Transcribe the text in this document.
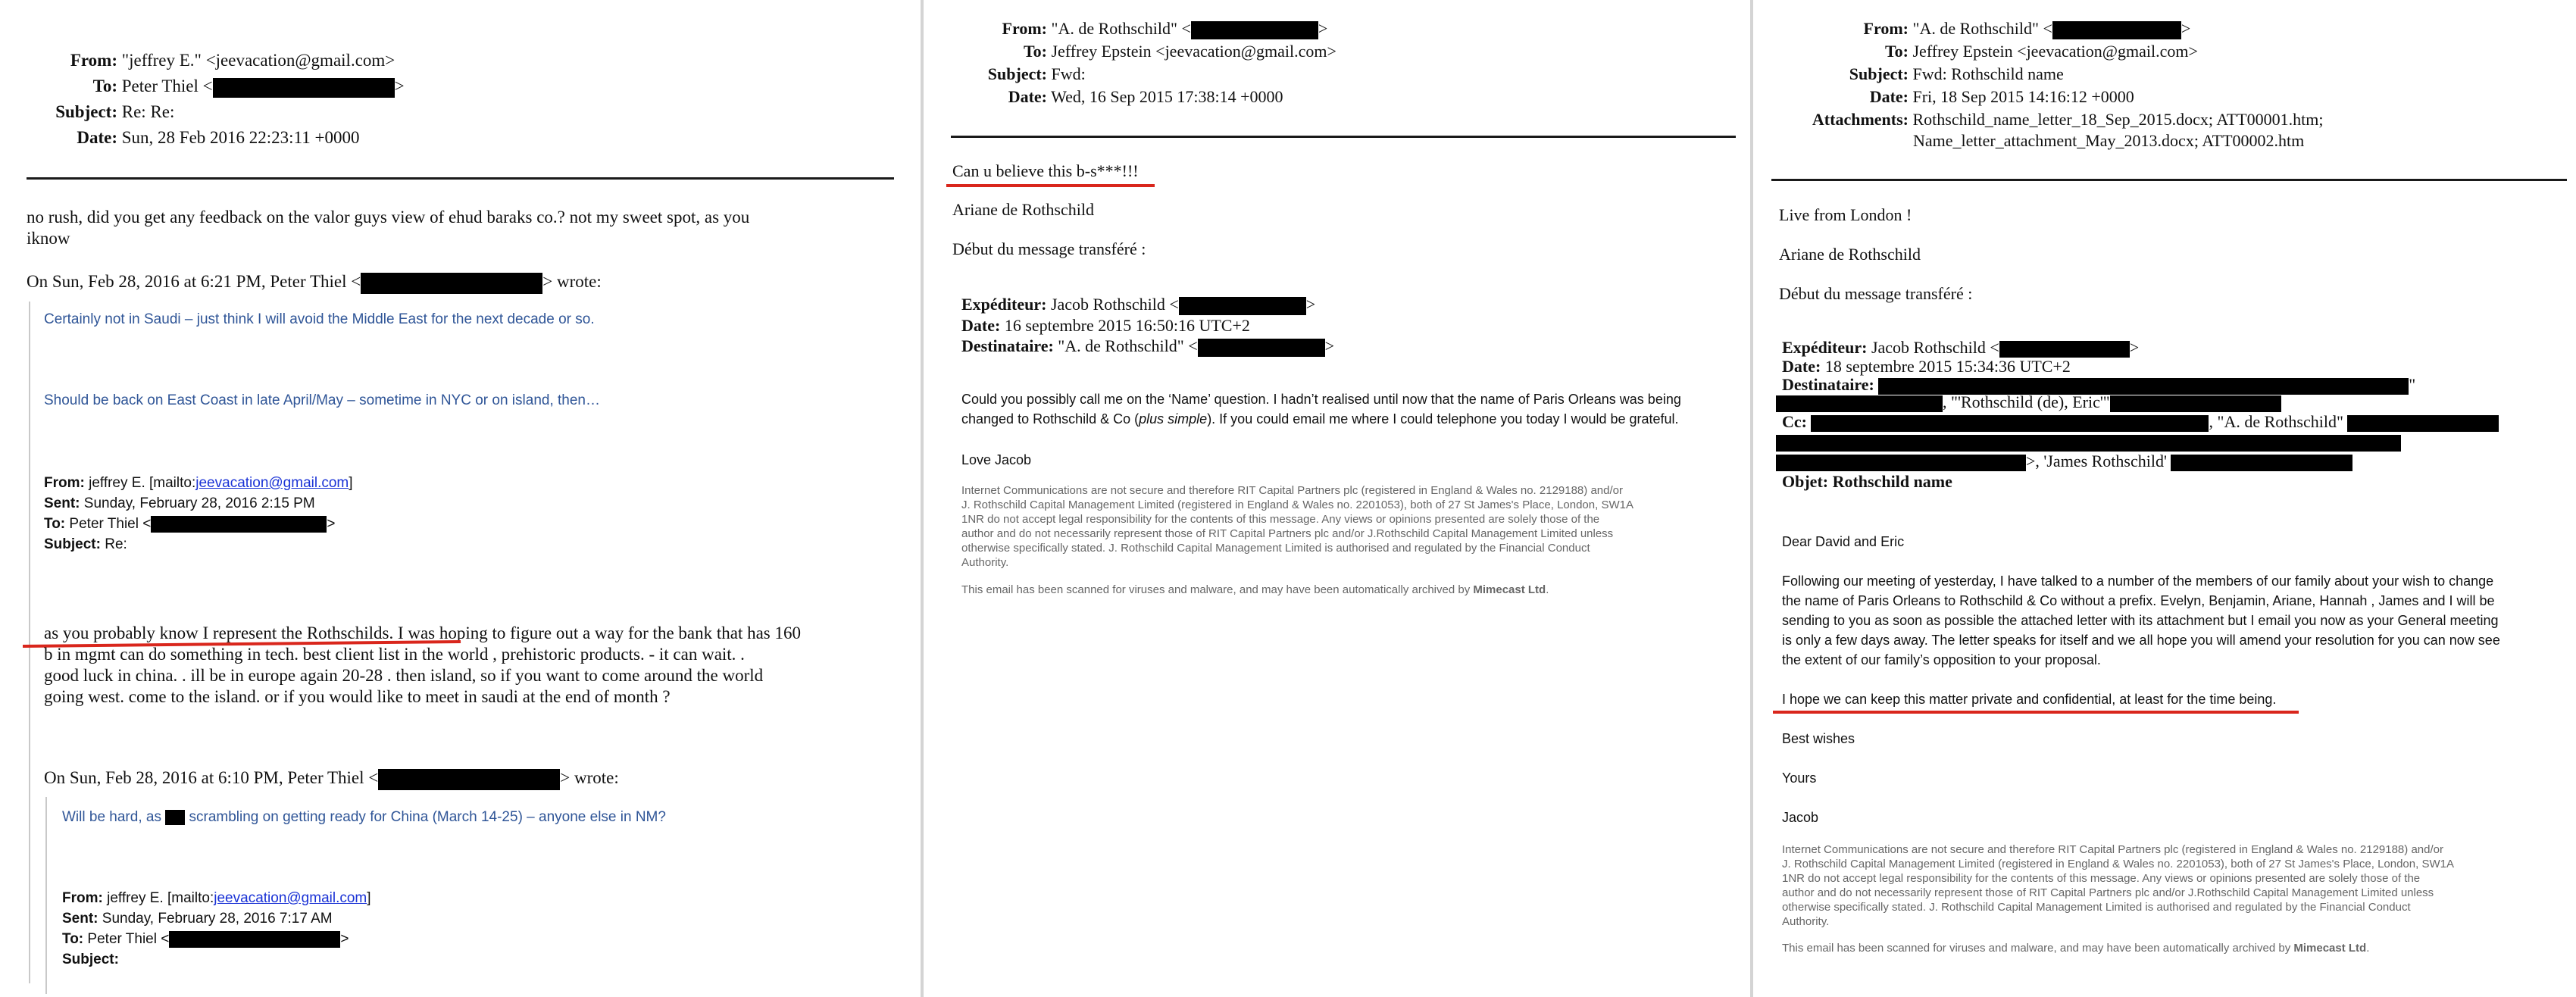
From: "jeffrey E." <jeevacation@gmail.com>
To: Peter Thiel <	>
Subject: Re: Re:
Date: Sun, 28 Feb 2016 22:23:11 +0000
no rush, did you get any feedback on the valor guys view of ehud baraks co.? not my sweet spot, as you
iknow
On Sun, Feb 28, 2016 at 6:21 PM, Peter Thiel <	> wrote:
Certainly not in Saudi – just think I will avoid the Middle East for the next decade or so.
Should be back on East Coast in late April/May – sometime in NYC or on island, then…
From: jeffrey E. [mailto:jeevacation@gmail.com]
Sent: Sunday, February 28, 2016 2:15 PM
To: Peter Thiel <	>
Subject: Re:
as you probably know I represent the Rothschilds. I was hoping to figure out a way for the bank that has 160
b in mgmt can do something in tech. best client list in the world , prehistoric products. - it can wait. .
good luck in china. . ill be in europe again 20-28 . then island, so if you want to come around the world
going west. come to the island. or if you would like to meet in saudi at the end of month ?
On Sun, Feb 28, 2016 at 6:10 PM, Peter Thiel <	> wrote:
Will be hard, as  scrambling on getting ready for China (March 14-25) – anyone else in NM?
From: jeffrey E. [mailto:jeevacation@gmail.com]
Sent: Sunday, February 28, 2016 7:17 AM
To: Peter Thiel <	>
Subject:
From: "A. de Rothschild" <	>
To: Jeffrey Epstein <jeevacation@gmail.com>
Subject: Fwd:
Date: Wed, 16 Sep 2015 17:38:14 +0000
Can u believe this b-s***!!!
Ariane de Rothschild
Début du message transféré :
Expéditeur: Jacob Rothschild <	>
Date: 16 septembre 2015 16:50:16 UTC+2
Destinataire: "A. de Rothschild" <	>
Could you possibly call me on the ‘Name’ question. I hadn’t realised until now that the name of Paris Orleans was being
changed to Rothschild & Co (plus simple). If you could email me where I could telephone you today I would be grateful.
Love Jacob
Internet Communications are not secure and therefore RIT Capital Partners plc (registered in England & Wales no. 2129188) and/or
J. Rothschild Capital Management Limited (registered in England & Wales no. 2201053), both of 27 St James's Place, London, SW1A
1NR do not accept legal responsibility for the contents of this message. Any views or opinions presented are solely those of the
author and do not necessarily represent those of RIT Capital Partners plc and/or J.Rothschild Capital Management Limited unless
otherwise specifically stated. J. Rothschild Capital Management Limited is authorised and regulated by the Financial Conduct
Authority.
This email has been scanned for viruses and malware, and may have been automatically archived by Mimecast Ltd.
From: "A. de Rothschild" <	>
To: Jeffrey Epstein <jeevacation@gmail.com>
Subject: Fwd: Rothschild name
Date: Fri, 18 Sep 2015 14:16:12 +0000
Attachments: Rothschild_name_letter_18_Sep_2015.docx; ATT00001.htm;
Name_letter_attachment_May_2013.docx; ATT00002.htm
Live from London !
Ariane de Rothschild
Début du message transféré :
Expéditeur: Jacob Rothschild <	>
Date: 18 septembre 2015 15:34:36 UTC+2
Destinataire:	"
, "'Rothschild (de), Eric'"
Cc:	, "A. de Rothschild"
>, 'James Rothschild'
Objet: Rothschild name
Dear David and Eric
Following our meeting of yesterday, I have talked to a number of the members of our family about your wish to change
the name of Paris Orleans to Rothschild & Co without a prefix. Evelyn, Benjamin, Ariane, Hannah , James and I will be
sending to you as soon as possible the attached letter with its attachment but I email you now as your General meeting
is only a few days away. The letter speaks for itself and we all hope you will amend your resolution for you can now see
the extent of our family’s opposition to your proposal.
I hope we can keep this matter private and confidential, at least for the time being.
Best wishes
Yours
Jacob
Internet Communications are not secure and therefore RIT Capital Partners plc (registered in England & Wales no. 2129188) and/or
J. Rothschild Capital Management Limited (registered in England & Wales no. 2201053), both of 27 St James's Place, London, SW1A
1NR do not accept legal responsibility for the contents of this message. Any views or opinions presented are solely those of the
author and do not necessarily represent those of RIT Capital Partners plc and/or J.Rothschild Capital Management Limited unless
otherwise specifically stated. J. Rothschild Capital Management Limited is authorised and regulated by the Financial Conduct
Authority.
This email has been scanned for viruses and malware, and may have been automatically archived by Mimecast Ltd.
